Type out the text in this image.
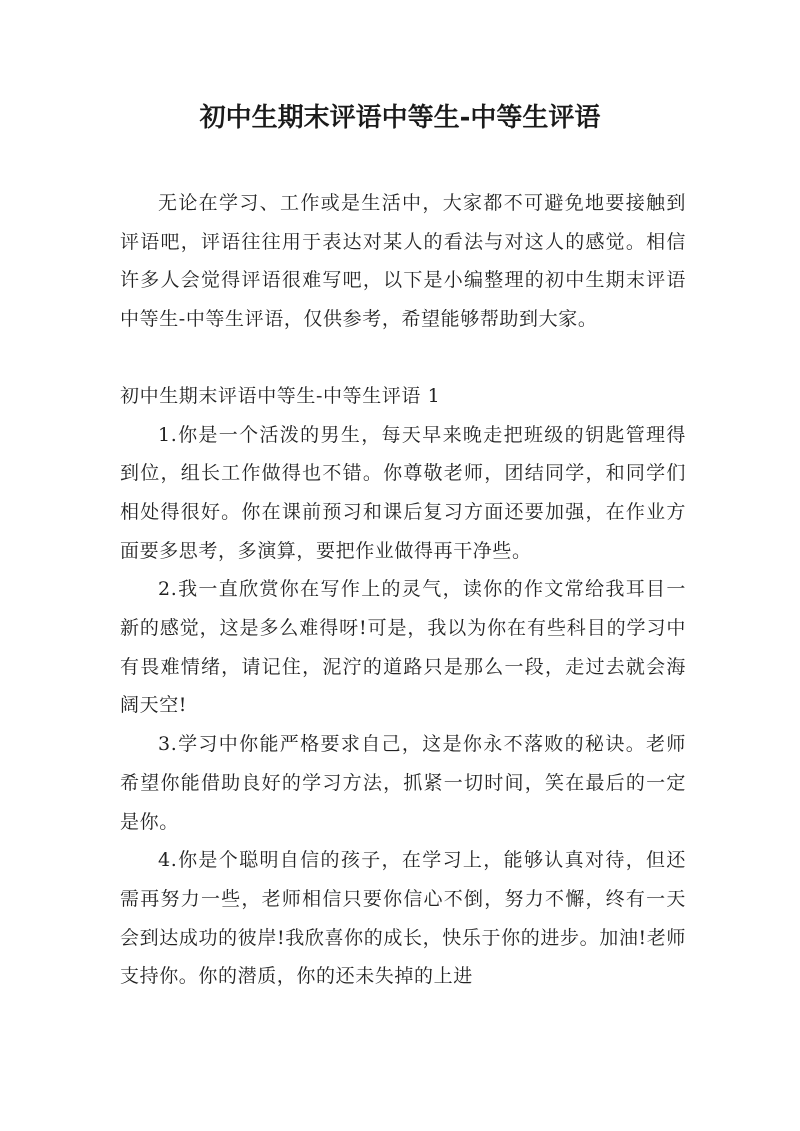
初中生期末评语中等生-中等生评语

无论在学习、工作或是生活中，大家都不可避免地要接触到评语吧，评语往往用于表达对某人的看法与对这人的感觉。相信许多人会觉得评语很难写吧，以下是小编整理的初中生期末评语中等生-中等生评语，仅供参考，希望能够帮助到大家。

初中生期末评语中等生-中等生评语 1

1.你是一个活泼的男生，每天早来晚走把班级的钥匙管理得到位，组长工作做得也不错。你尊敬老师，团结同学，和同学们相处得很好。你在课前预习和课后复习方面还要加强，在作业方面要多思考，多演算，要把作业做得再干净些。

2.我一直欣赏你在写作上的灵气，读你的作文常给我耳目一新的感觉，这是多么难得呀!可是，我以为你在有些科目的学习中有畏难情绪，请记住，泥泞的道路只是那么一段，走过去就会海阔天空!

3.学习中你能严格要求自己，这是你永不落败的秘诀。老师希望你能借助良好的学习方法，抓紧一切时间，笑在最后的一定是你。

4.你是个聪明自信的孩子，在学习上，能够认真对待，但还需再努力一些，老师相信只要你信心不倒，努力不懈，终有一天会到达成功的彼岸!我欣喜你的成长，快乐于你的进步。加油!老师支持你。你的潜质，你的还未失掉的上进
